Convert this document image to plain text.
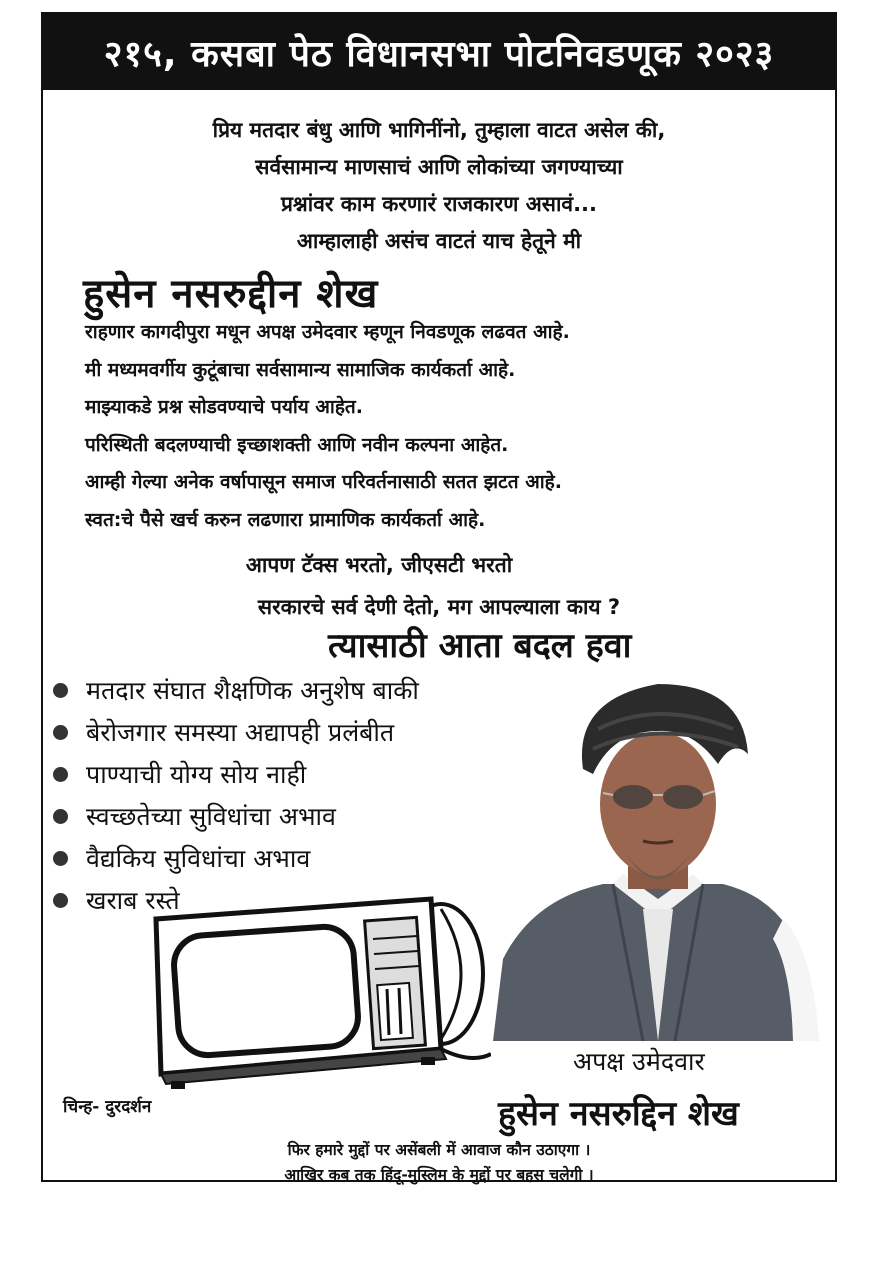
२१५, कसबा पेठ विधानसभा पोटनिवडणूक २०२३
प्रिय मतदार बंधु आणि भागिनींनो, तुम्हाला वाटत असेल की,
सर्वसामान्य माणसाचं आणि लोकांच्या जगण्याच्या
प्रश्नांवर काम करणारं राजकारण असावं...
आम्हालाही असंच वाटतं याच हेतूने मी
हुसेन नसरुद्दीन शेख
राहणार कागदीपुरा मधून अपक्ष उमेदवार म्हणून निवडणूक लढवत आहे.
मी मध्यमवर्गीय कुटूंबाचा सर्वसामान्य सामाजिक कार्यकर्ता आहे.
माझ्याकडे प्रश्न सोडवण्याचे पर्याय आहेत.
परिस्थिती बदलण्याची इच्छाशक्ती आणि नवीन कल्पना आहेत.
आम्ही गेल्या अनेक वर्षापासून समाज परिवर्तनासाठी सतत झटत आहे.
स्वत:चे पैसे खर्च करुन लढणारा प्रामाणिक कार्यकर्ता आहे.
आपण टॅक्स भरतो, जीएसटी भरतो
सरकारचे सर्व देणी देतो, मग आपल्याला काय ?
त्यासाठी आता बदल हवा
मतदार संघात शैक्षणिक अनुशेष बाकी
बेरोजगार समस्या अद्यापही प्रलंबीत
पाण्याची योग्य सोय नाही
स्वच्छतेच्या सुविधांचा अभाव
वैद्यकिय सुविधांचा अभाव
खराब रस्ते
चिन्ह- दुरदर्शन
अपक्ष उमेदवार
हुसेन नसरुद्दिन शेख
फिर हमारे मुद्दों पर असेंबली में आवाज कौन उठाएगा ।
आखिर कब तक हिंदू-मुस्लिम के मुद्दों पर बहस चलेगी ।
